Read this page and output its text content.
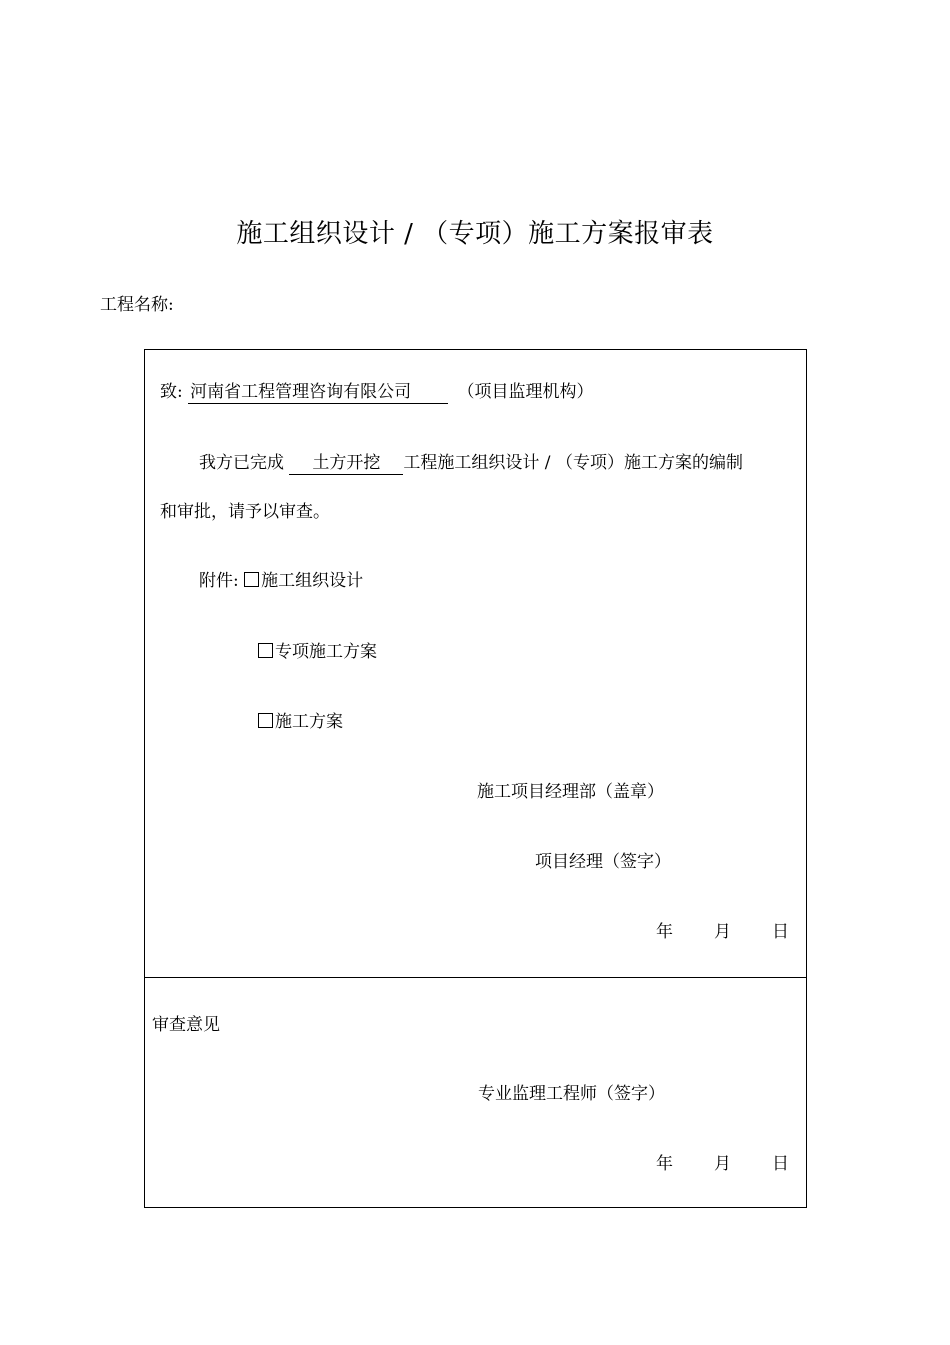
施工组织设计 / （专项）施工方案报审表
工程名称:
致: 河南省工程管理咨询有限公司	（项目监理机构）
我方已完成 土方开挖 工程施工组织设计 / （专项）施工方案的编制
和审批，请予以审查。
附件: 施工组织设计
专项施工方案
施工方案
施工项目经理部（盖章）
项目经理（签字）
年 月 日
审查意见
专业监理工程师（签字）
年 月 日
